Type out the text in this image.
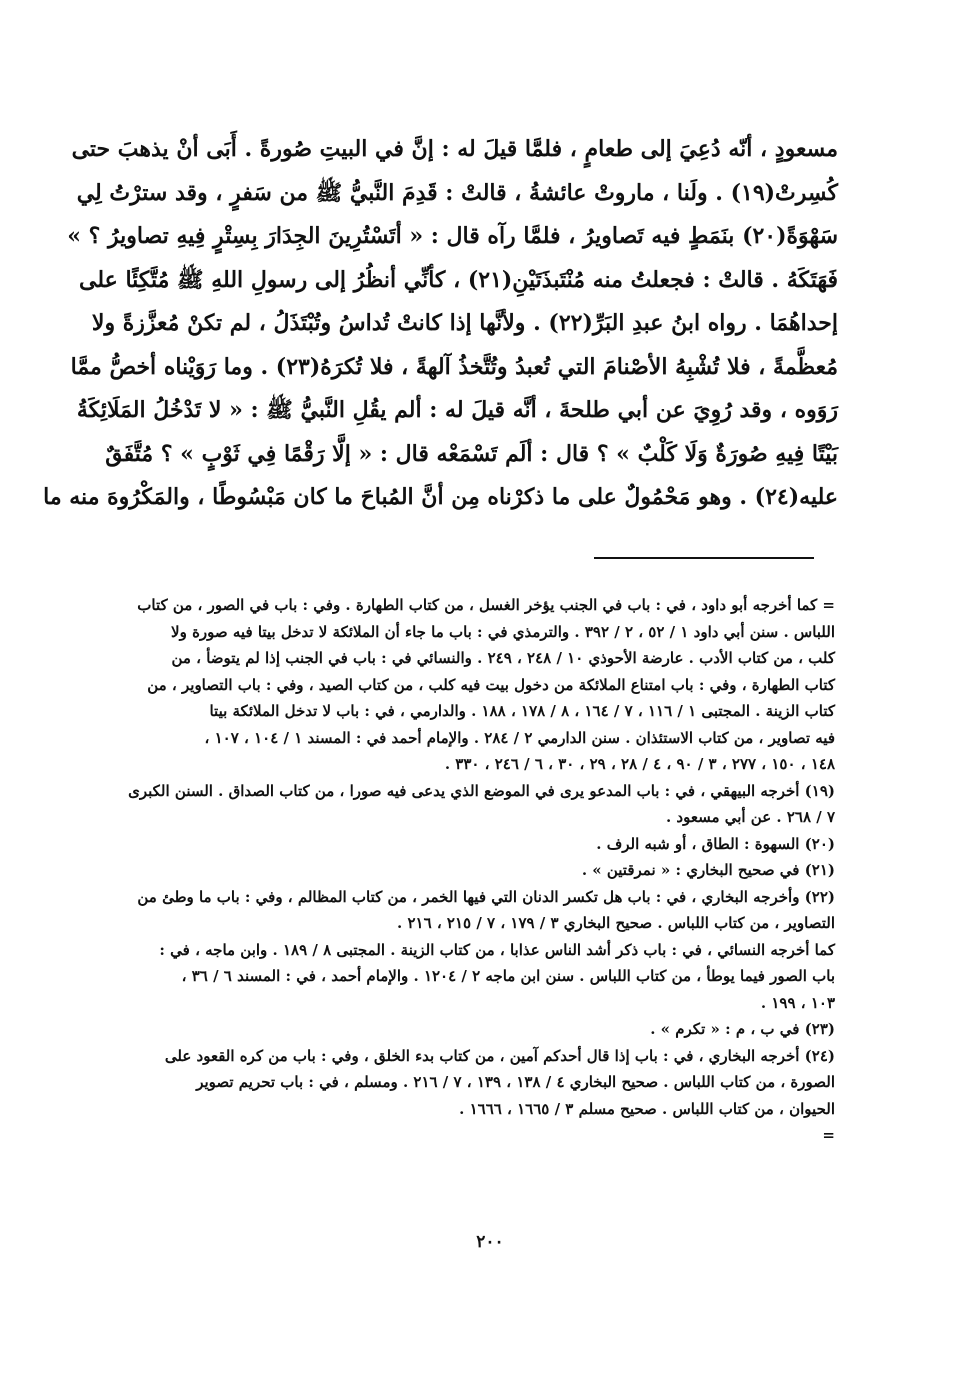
مسعودٍ ، أنّه دُعِيَ إلى طعامٍ ، فلمَّا قيلَ له : إنَّ في البيتِ صُورةً . أَبَى أنْ يذهبَ حتى
كُسِرتْ(١٩) . ولَنا ، ماروتْ عائشةُ ، قالتْ : قَدِمَ النَّبيُّ ﷺ من سَفرٍ ، وقد سترْتُ لِي
سَهْوَةً(٢٠) بنَمَطٍ فيه تَصاويرُ ، فلمَّا رآه قال : « أتَسْتُرِينَ الجِدَارَ بِسِتْرٍ فِيهِ تصاويرُ ؟ »
فَهَتَكَهُ . قالتْ : فجعلتُ منه مُنْتَبذَتَيْنِ(٢١) ، كأنِّي أنظُرُ إلى رسولِ اللهِ ﷺ مُتَّكِئًا على
إحداهُمَا . رواه ابنُ عبدِ البَرِّ(٢٢) . ولأنَّها إذا كانتْ تُداسُ وتُبْتَذَلُ ، لم تكنْ مُعزَّزةً ولا
مُعظَّمةً ، فلا تُشْبِهُ الأصْنامَ التي تُعبدُ وتُتَّخذُ آلهةً ، فلا تُكرَهُ(٢٣) . وما رَوَيْناه أخصُّ ممَّا
رَوَوه ، وقد رُوِيَ عن أبي طلحةَ ، أنَّه قيلَ له : ألم يقُلِ النَّبيُّ ﷺ : « لا تَدْخُلُ المَلَائِكَةُ
بَيْتًا فِيهِ صُورَةٌ وَلَا كَلْبٌ » ؟ قال : ألَم تَسْمَعْه قال : « إلَّا رَقْمًا فِي ثَوْبٍ » ؟ مُتَّفَقٌ
عليه(٢٤) . وهو مَحْمُولٌ على ما ذكرْناه مِن أنَّ المُباحَ ما كان مَبْسُوطًا ، والمَكْرُوهَ منه ما
= كما أخرجه أبو داود ، في : باب في الجنب يؤخر الغسل ، من كتاب الطهارة . وفي : باب في الصور ، من كتاب
اللباس . سنن أبي داود ١ / ٥٢ ، ٢ / ٣٩٢ . والترمذي في : باب ما جاء أن الملائكة لا تدخل بيتا فيه صورة ولا
كلب ، من كتاب الأدب . عارضة الأحوذي ١٠ / ٢٤٨ ، ٢٤٩ . والنسائي في : باب في الجنب إذا لم يتوضأ ، من
كتاب الطهارة ، وفي : باب امتناع الملائكة من دخول بيت فيه كلب ، من كتاب الصيد ، وفي : باب التصاوير ، من
كتاب الزينة . المجتبى ١ / ١١٦ ، ٧ / ١٦٤ ، ٨ / ١٧٨ ، ١٨٨ . والدارمي ، في : باب لا تدخل الملائكة بيتا
فيه تصاوير ، من كتاب الاستئذان . سنن الدارمي ٢ / ٢٨٤ . والإمام أحمد في : المسند ١ / ١٠٤ ، ١٠٧ ،
١٤٨ ، ١٥٠ ، ٢٧٧ ، ٣ / ٩٠ ، ٤ / ٢٨ ، ٢٩ ، ٣٠ ، ٦ / ٢٤٦ ، ٣٣٠ .
(١٩) أخرجه البيهقي ، في : باب المدعو يرى في الموضع الذي يدعى فيه صورا ، من كتاب الصداق . السنن الكبرى
٧ / ٢٦٨ . عن أبي مسعود .
(٢٠) السهوة : الطاق ، أو شبه الرف .
(٢١) في صحيح البخاري : « نمرقتين » .
(٢٢) وأخرجه البخاري ، في : باب هل تكسر الدنان التي فيها الخمر ، من كتاب المظالم ، وفي : باب ما وطئ من
التصاوير ، من كتاب اللباس . صحيح البخاري ٣ / ١٧٩ ، ٧ / ٢١٥ ، ٢١٦ .
كما أخرجه النسائي ، في : باب ذكر أشد الناس عذابا ، من كتاب الزينة . المجتبى ٨ / ١٨٩ . وابن ماجه ، في :
باب الصور فيما يوطأ ، من كتاب اللباس . سنن ابن ماجه ٢ / ١٢٠٤ . والإمام أحمد ، في : المسند ٦ / ٣٦ ،
١٠٣ ، ١٩٩ .
(٢٣) في ب ، م : « تكرم » .
(٢٤) أخرجه البخاري ، في : باب إذا قال أحدكم آمين ، من كتاب بدء الخلق ، وفي : باب من كره القعود على
الصورة ، من كتاب اللباس . صحيح البخاري ٤ / ١٣٨ ، ١٣٩ ، ٧ / ٢١٦ . ومسلم ، في : باب تحريم تصوير
الحيوان ، من كتاب اللباس . صحيح مسلم ٣ / ١٦٦٥ ، ١٦٦٦ .
=
٢٠٠
